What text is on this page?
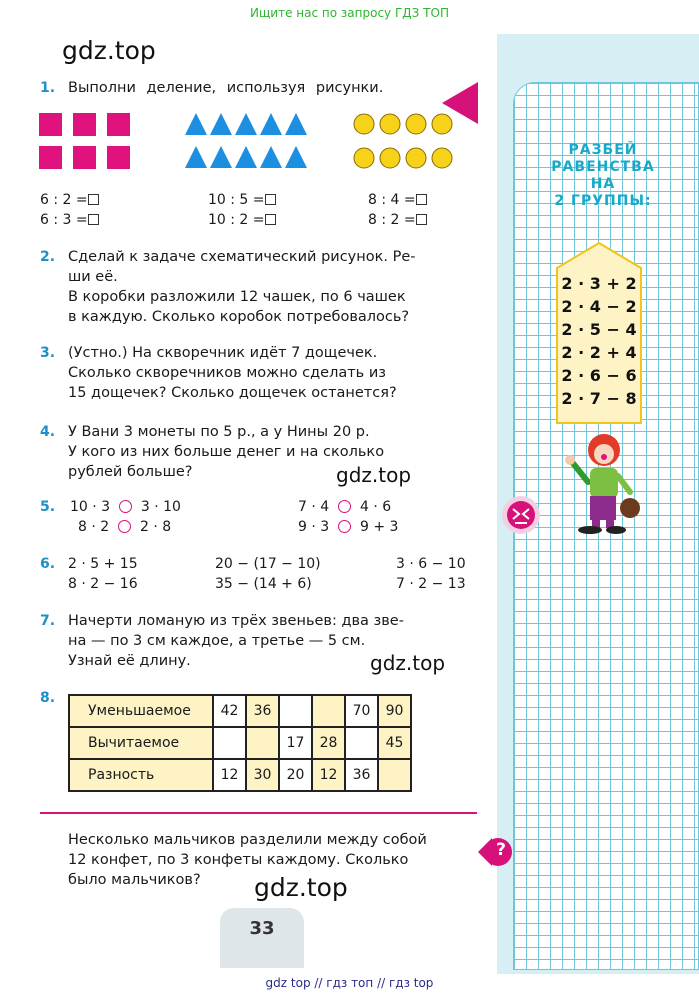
Ищите нас по запросу ГДЗ ТОП
gdz.top
1. Выполни деление, используя рисунки.
6 : 2 =
6 : 3 =
10 : 5 =
10 : 2 =
8 : 4 =
8 : 2 =
2. Сделай к задаче схематический рисунок. Ре-
ши её.
В коробки разложили 12 чашек, по 6 чашек
в каждую. Сколько коробок потребовалось?
3. (Устно.) На скворечник идёт 7 дощечек.
Сколько скворечников можно сделать из
15 дощечек? Сколько дощечек останется?
4. У Вани 3 монеты по 5 р., а у Нины 20 р.
У кого из них больше денег и на сколько
рублей больше?	gdz.top
5. 10 · 3 3 · 10
8 · 2 2 · 8
7 · 4 4 · 6
9 · 3 9 + 3
6. 2 · 5 + 15
8 · 2 − 16
20 − (17 − 10)
35 − (14 + 6)
3 · 6 − 10
7 · 2 − 13
7. Начерти ломаную из трёх звеньев: два зве-
на — по 3 см каждое, а третье — 5 см.
Узнай её длину.	gdz.top
8.
Уменьшаемое	42	36			70	90
Вычитаемое			17	28		45
Разность	12	30	20	12	36	
Несколько мальчиков разделили между собой
12 конфет, по 3 конфеты каждому. Сколько
было мальчиков?
?
gdz.top
33
РАЗБЕЙ
РАВЕНСТВА
НА
2 ГРУППЫ:
2 · 3 + 2
2 · 4 − 2
2 · 5 − 4
2 · 2 + 4
2 · 6 − 6
2 · 7 − 8
gdz top // гдз топ // гдз top
